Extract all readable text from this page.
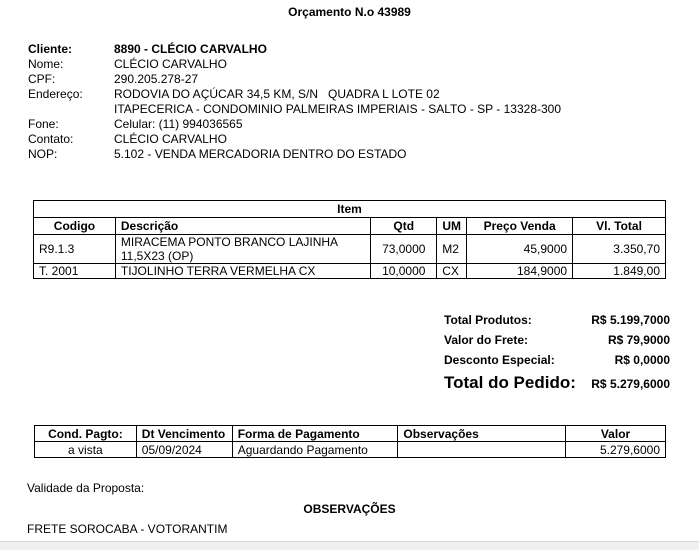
Orçamento N.o 43989
Cliente:	8890 - CLÉCIO CARVALHO
Nome:	CLÉCIO CARVALHO
CPF:	290.205.278-27
Endereço:	RODOVIA DO AÇÚCAR 34,5 KM, S/N   QUADRA L LOTE 02
ITAPECERICA - CONDOMINIO PALMEIRAS IMPERIAIS - SALTO - SP - 13328-300
Fone:	Celular: (11) 994036565
Contato:	CLÉCIO CARVALHO
NOP:	5.102 - VENDA MERCADORIA DENTRO DO ESTADO
Item					
Codigo	Descrição	Qtd	UM	Preço Venda	Vl. Total
R9.1.3	MIRACEMA PONTO BRANCO LAJINHA 11,5X23 (OP)	73,0000	M2	45,9000	3.350,70
T. 2001	TIJOLINHO TERRA VERMELHA CX	10,0000	CX	184,9000	1.849,00
Total Produtos:	R$ 5.199,7000
Valor do Frete:	R$ 79,9000
Desconto Especial:	R$ 0,0000
Total do Pedido: R$ 5.279,6000
Cond. Pagto:	Dt Vencimento	Forma de Pagamento	Observações	Valor
a vista	05/09/2024	Aguardando Pagamento		5.279,6000
Validade da Proposta:
OBSERVAÇÕES
FRETE SOROCABA - VOTORANTIM
